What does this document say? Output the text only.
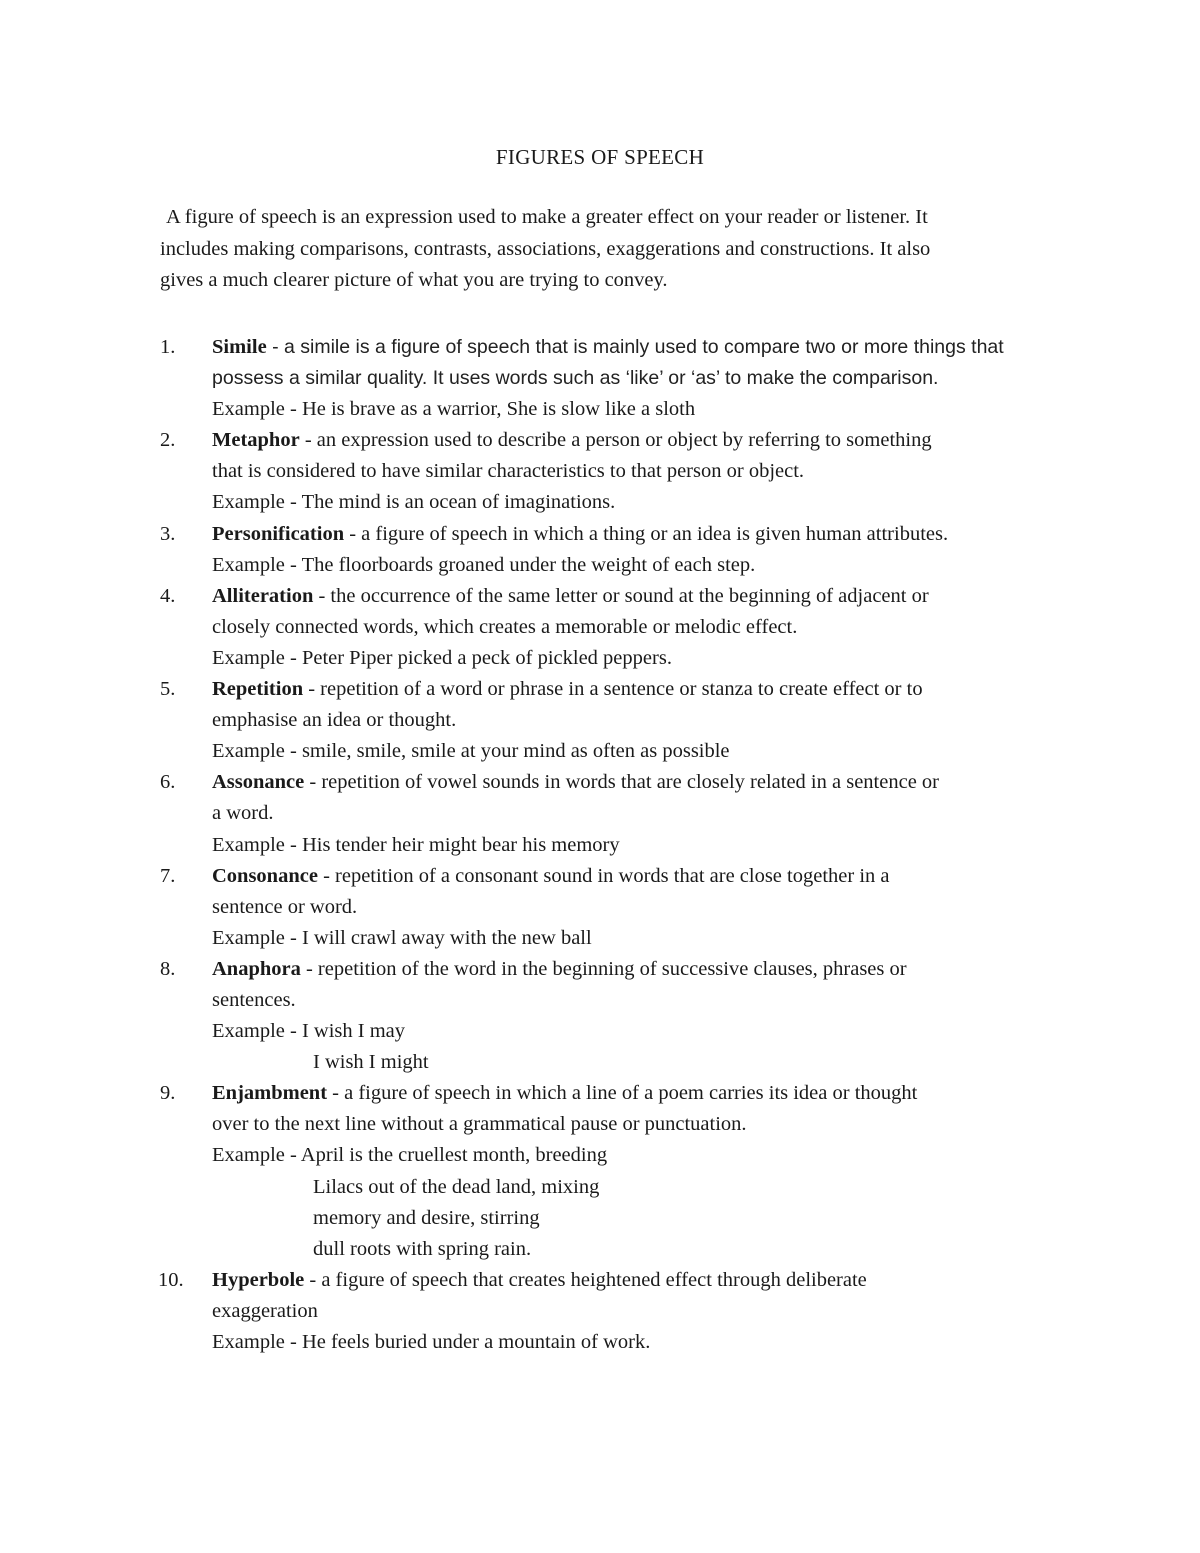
FIGURES OF SPEECH
A figure of speech is an expression used to make a greater effect on your reader or listener. It
includes making comparisons, contrasts, associations, exaggerations and constructions. It also
gives a much clearer picture of what you are trying to convey.
1.	Simile - a simile is a figure of speech that is mainly used to compare two or more things that
possess a similar quality. It uses words such as ‘like’ or ‘as’ to make the comparison.
Example - He is brave as a warrior, She is slow like a sloth
2.	Metaphor - an expression used to describe a person or object by referring to something
that is considered to have similar characteristics to that person or object.
Example - The mind is an ocean of imaginations.
3.	Personification - a figure of speech in which a thing or an idea is given human attributes.
Example - The floorboards groaned under the weight of each step.
4.	Alliteration - the occurrence of the same letter or sound at the beginning of adjacent or
closely connected words, which creates a memorable or melodic effect.
Example - Peter Piper picked a peck of pickled peppers.
5.	Repetition - repetition of a word or phrase in a sentence or stanza to create effect or to
emphasise an idea or thought.
Example - smile, smile, smile at your mind as often as possible
6.	Assonance - repetition of vowel sounds in words that are closely related in a sentence or
a word.
Example - His tender heir might bear his memory
7.	Consonance - repetition of a consonant sound in words that are close together in a
sentence or word.
Example - I will crawl away with the new ball
8.	Anaphora - repetition of the word in the beginning of successive clauses, phrases or
sentences.
Example - I wish I may
I wish I might
9.	Enjambment - a figure of speech in which a line of a poem carries its idea or thought
over to the next line without a grammatical pause or punctuation.
Example - April is the cruellest month, breeding
Lilacs out of the dead land, mixing
memory and desire, stirring
dull roots with spring rain.
10.	Hyperbole - a figure of speech that creates heightened effect through deliberate
exaggeration
Example - He feels buried under a mountain of work.
